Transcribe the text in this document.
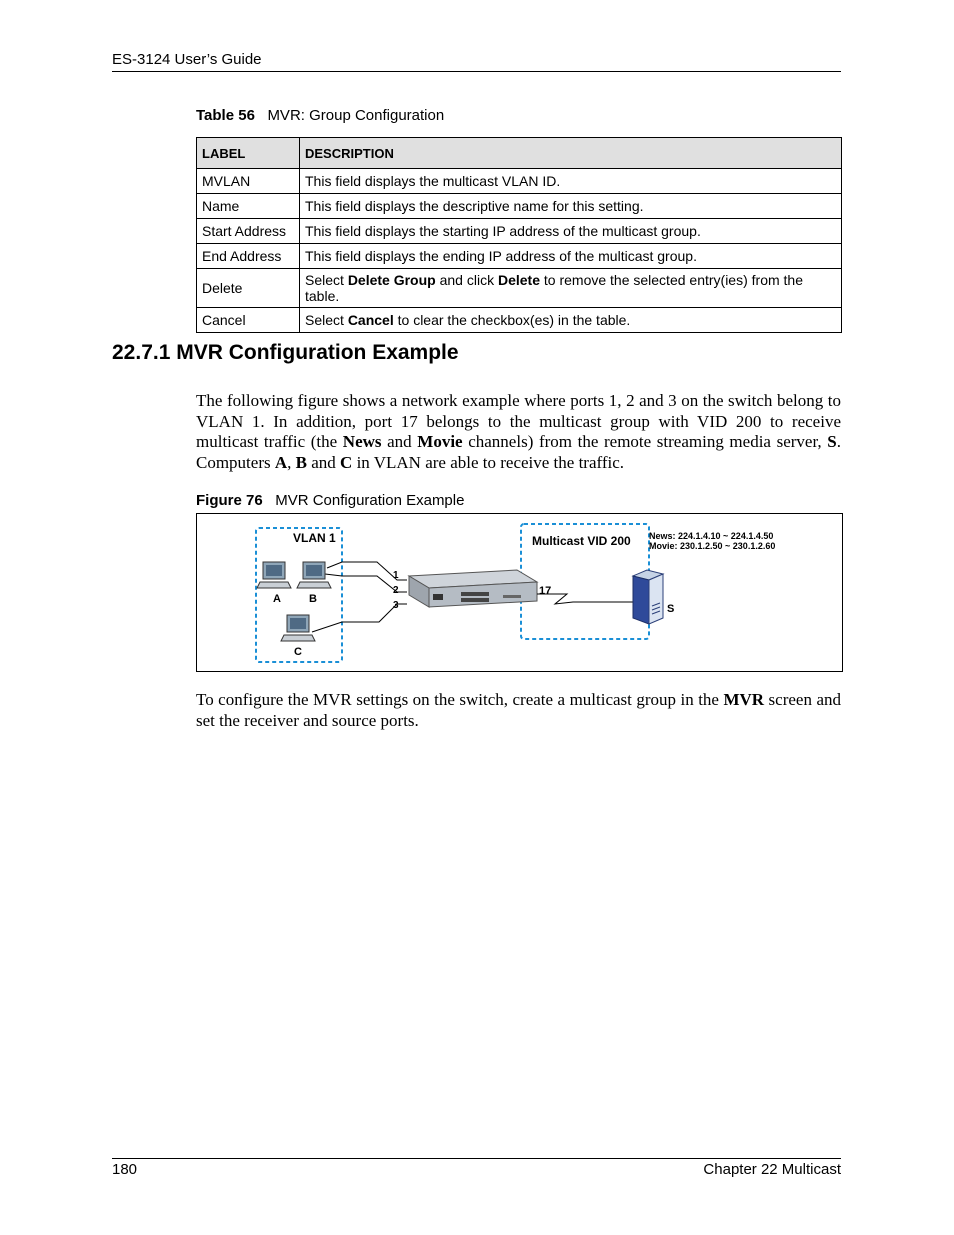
ES-3124 User’s Guide
Table 56 MVR: Group Configuration
LABEL	DESCRIPTION
MVLAN	This field displays the multicast VLAN ID.
Name	This field displays the descriptive name for this setting.
Start Address	This field displays the starting IP address of the multicast group.
End Address	This field displays the ending IP address of the multicast group.
Delete	Select Delete Group and click Delete to remove the selected entry(ies) from the table.
Cancel	Select Cancel to clear the checkbox(es) in the table.
22.7.1 MVR Configuration Example
The following figure shows a network example where ports 1, 2 and 3 on the switch belong to VLAN 1. In addition, port 17 belongs to the multicast group with VID 200 to receive multicast traffic (the News and Movie channels) from the remote streaming media server, S. Computers A, B and C in VLAN are able to receive the traffic.
Figure 76 MVR Configuration Example
VLAN 1	Multicast VID 200 News: 224.1.4.10 ~ 224.1.4.50
Movie: 230.1.2.50 ~ 230.1.2.60
1
2
3
17
A	B
C
S
To configure the MVR settings on the switch, create a multicast group in the MVR screen and set the receiver and source ports.
180	Chapter 22 Multicast
